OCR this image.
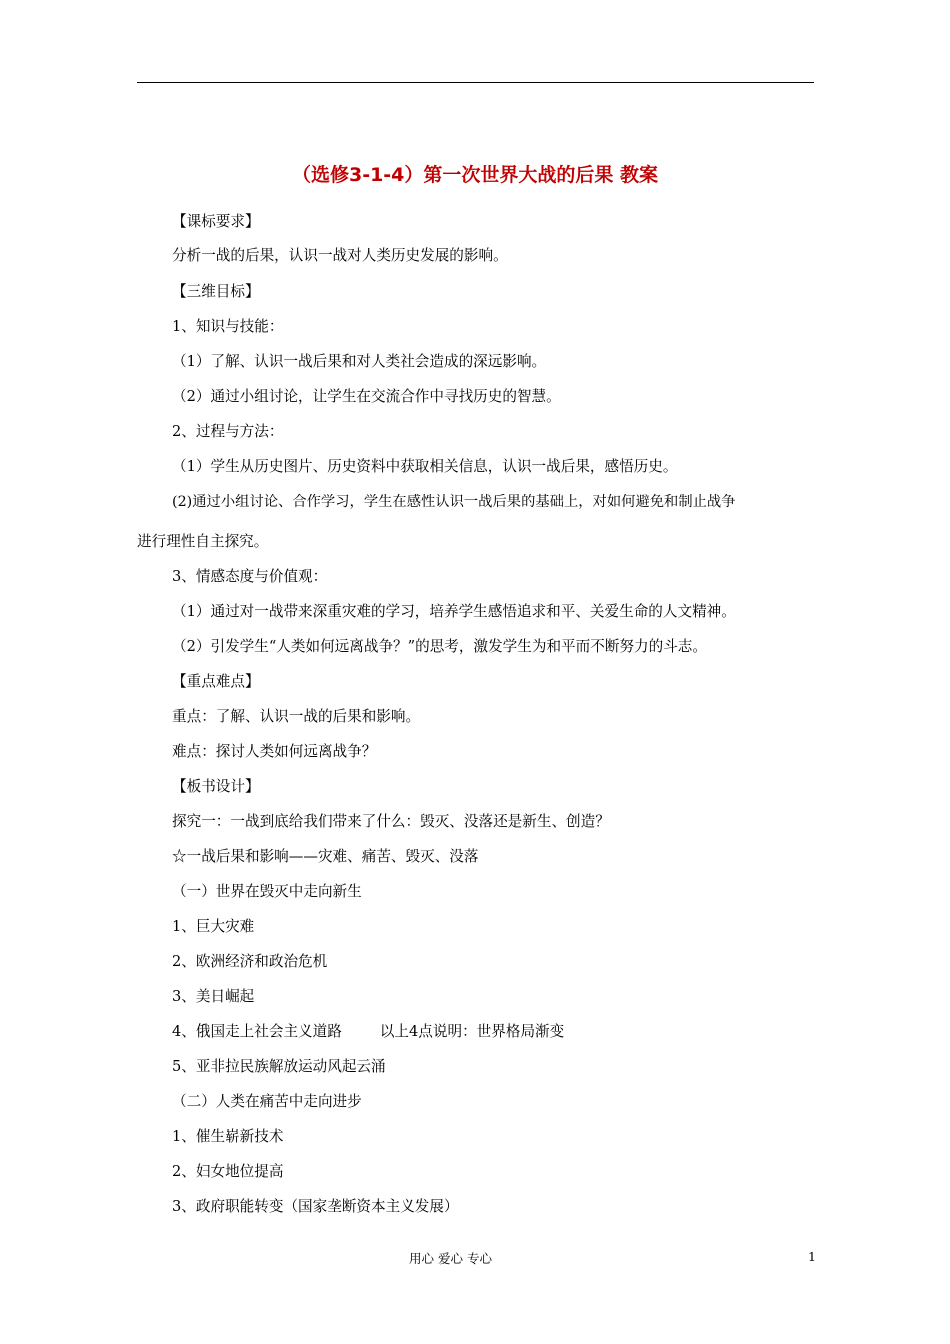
（选修3-1-4）第一次世界大战的后果 教案
【课标要求】
分析一战的后果，认识一战对人类历史发展的影响。
【三维目标】
1、知识与技能：
（1）了解、认识一战后果和对人类社会造成的深远影响。
（2）通过小组讨论，让学生在交流合作中寻找历史的智慧。
2、过程与方法：
（1）学生从历史图片、历史资料中获取相关信息，认识一战后果，感悟历史。
(2)通过小组讨论、合作学习，学生在感性认识一战后果的基础上，对如何避免和制止战争
进行理性自主探究。
3、情感态度与价值观：
（1）通过对一战带来深重灾难的学习，培养学生感悟追求和平、关爱生命的人文精神。
（2）引发学生“人类如何远离战争？”的思考，激发学生为和平而不断努力的斗志。
【重点难点】
重点：了解、认识一战的后果和影响。
难点：探讨人类如何远离战争？
【板书设计】
探究一：一战到底给我们带来了什么：毁灭、没落还是新生、创造？
☆一战后果和影响——灾难、痛苦、毁灭、没落
（一）世界在毁灭中走向新生
1、巨大灾难
2、欧洲经济和政治危机
3、美日崛起
4、俄国走上社会主义道路	以上4点说明：世界格局渐变
5、亚非拉民族解放运动风起云涌
（二）人类在痛苦中走向进步
1、催生崭新技术
2、妇女地位提高
3、政府职能转变（国家垄断资本主义发展）
用心 爱心 专心	1
